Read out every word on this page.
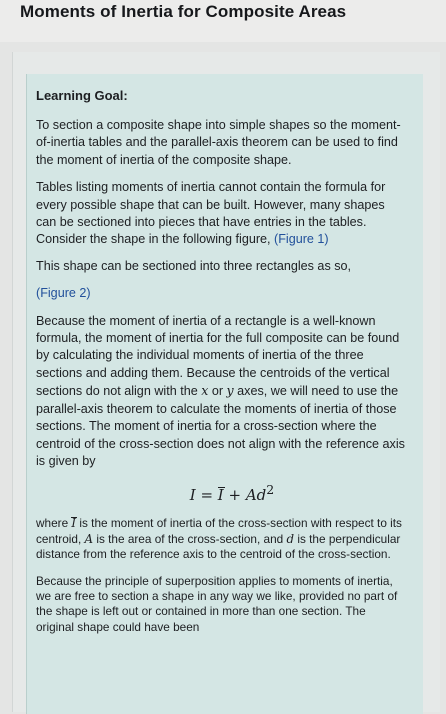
Moments of Inertia for Composite Areas
Learning Goal:

To section a composite shape into simple shapes so the moment-of-inertia tables and the parallel-axis theorem can be used to find the moment of inertia of the composite shape.

Tables listing moments of inertia cannot contain the formula for every possible shape that can be built. However, many shapes can be sectioned into pieces that have entries in the tables. Consider the shape in the following figure, (Figure 1)

This shape can be sectioned into three rectangles as so,

(Figure 2)

Because the moment of inertia of a rectangle is a well-known formula, the moment of inertia for the full composite can be found by calculating the individual moments of inertia of the three sections and adding them. Because the centroids of the vertical sections do not align with the x or y axes, we will need to use the parallel-axis theorem to calculate the moments of inertia of those sections. The moment of inertia for a cross-section where the centroid of the cross-section does not align with the reference axis is given by

$I = I + Ad^2$

where I is the moment of inertia of the cross-section with respect to its centroid, A is the area of the cross-section, and d is the perpendicular distance from the reference axis to the centroid of the cross-section.

Because the principle of superposition applies to moments of inertia, we are free to section a shape in any way we like, provided no part of the shape is left out or contained in more than one section. The original shape could have been
